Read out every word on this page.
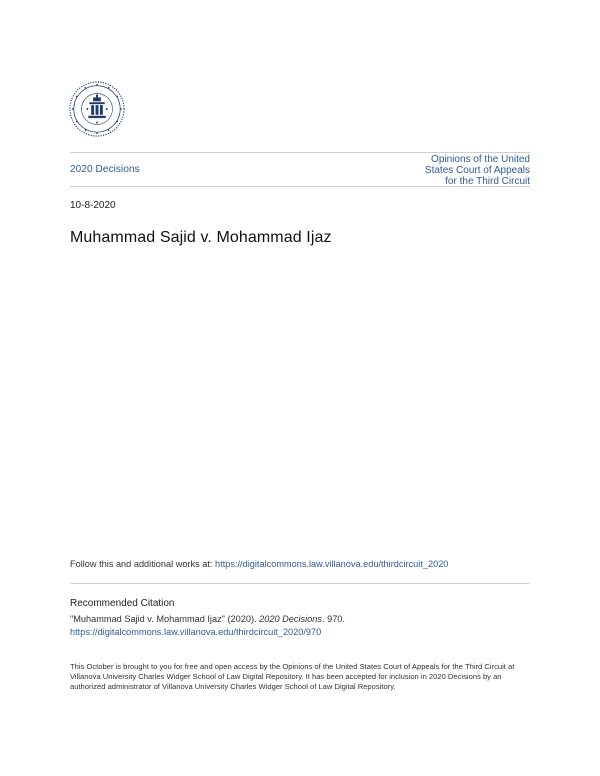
2020 Decisions
Opinions of the United
States Court of Appeals
for the Third Circuit
10-8-2020
Muhammad Sajid v. Mohammad Ijaz
Follow this and additional works at: https://digitalcommons.law.villanova.edu/thirdcircuit_2020
Recommended Citation
"Muhammad Sajid v. Mohammad Ijaz" (2020). 2020 Decisions. 970.
https://digitalcommons.law.villanova.edu/thirdcircuit_2020/970

This October is brought to you for free and open access by the Opinions of the United States Court of Appeals for the Third Circuit at Villanova University Charles Widger School of Law Digital Repository. It has been accepted for inclusion in 2020 Decisions by an authorized administrator of Villanova University Charles Widger School of Law Digital Repository.
